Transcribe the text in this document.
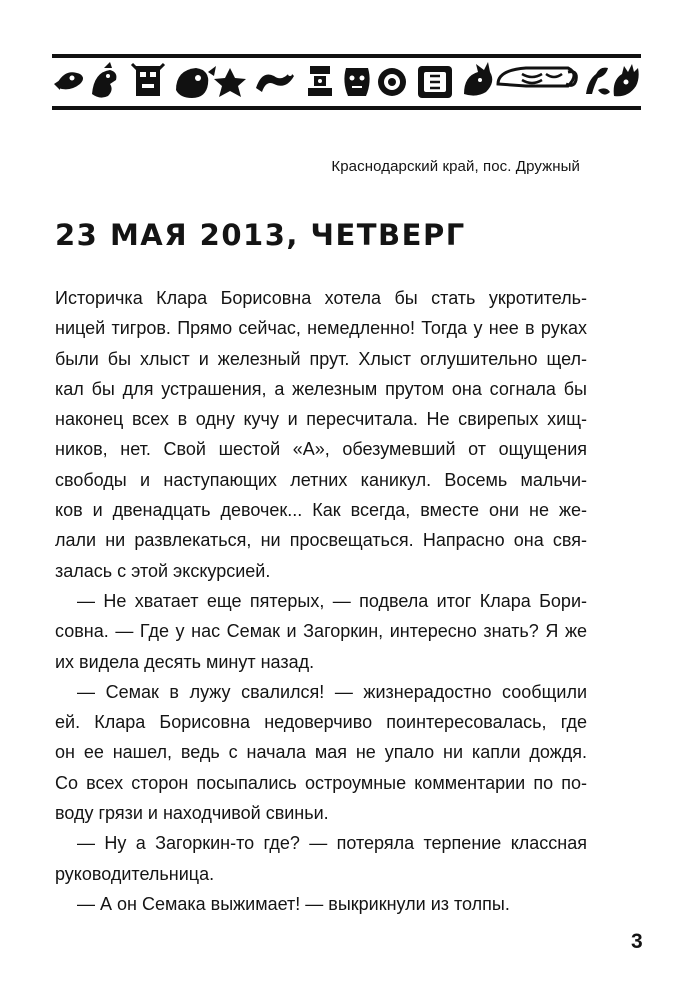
Краснодарский край, пос. Дружный
23 МАЯ 2013, ЧЕТВЕРГ
Историчка Клара Борисовна хотела бы стать укротитель-
ницей тигров. Прямо сейчас, немедленно! Тогда у нее в руках
были бы хлыст и железный прут. Хлыст оглушительно щел-
кал бы для устрашения, а железным прутом она согнала бы
наконец всех в одну кучу и пересчитала. Не свирепых хищ-
ников, нет. Свой шестой «А», обезумевший от ощущения
свободы и наступающих летних каникул. Восемь мальчи-
ков и двенадцать девочек... Как всегда, вместе они не же-
лали ни развлекаться, ни просвещаться. Напрасно она свя-
залась с этой экскурсией.
— Не хватает еще пятерых, — подвела итог Клара Бори-
совна. — Где у нас Семак и Загоркин, интересно знать? Я же
их видела десять минут назад.
— Семак в лужу свалился! — жизнерадостно сообщили
ей. Клара Борисовна недоверчиво поинтересовалась, где
он ее нашел, ведь с начала мая не упало ни капли дождя.
Со всех сторон посыпались остроумные комментарии по по-
воду грязи и находчивой свиньи.
— Ну а Загоркин-то где? — потеряла терпение классная
руководительница.
— А он Семака выжимает! — выкрикнули из толпы.
3
